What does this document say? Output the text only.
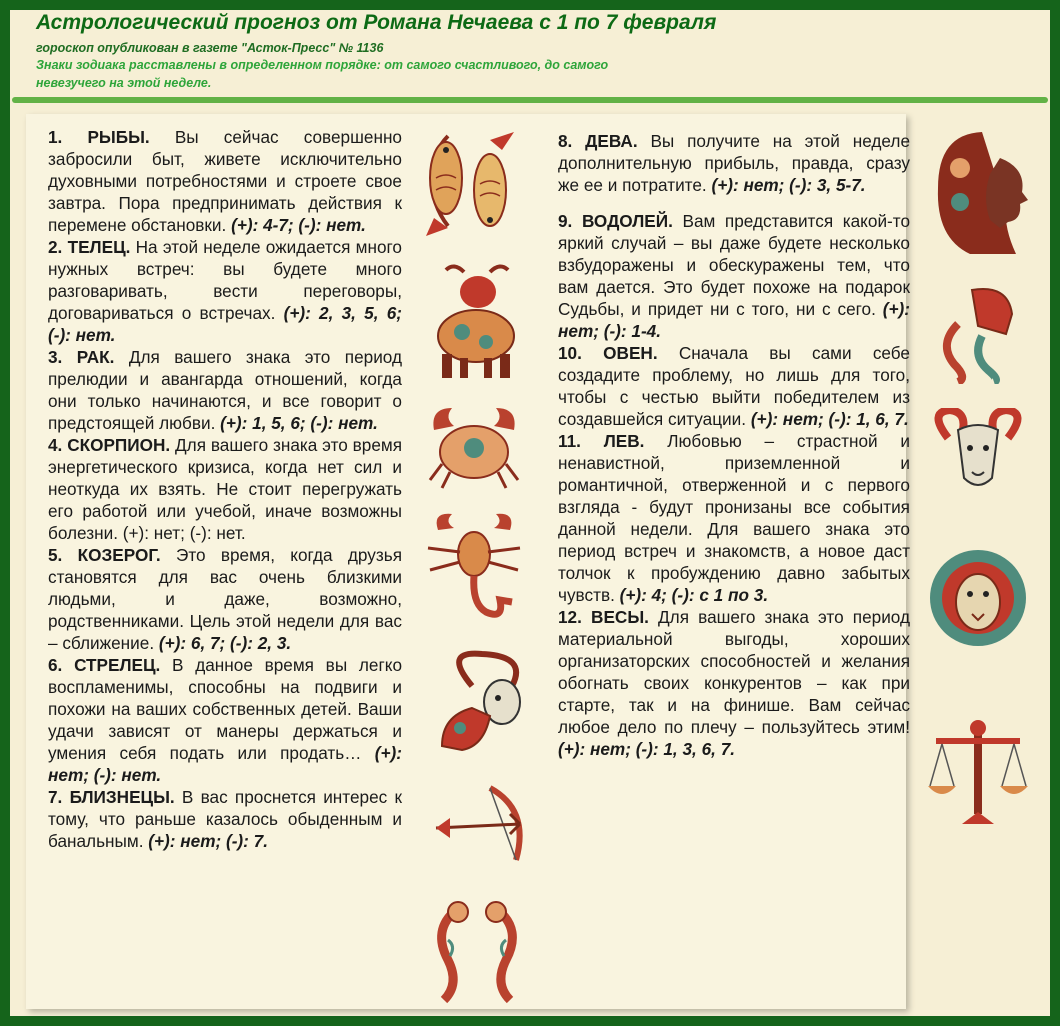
Астрологический прогноз от Романа Нечаева с 1 по 7 февраля
гороскоп опубликован в газете "Асток-Пресс" № 1136
Знаки зодиака расставлены в определенном порядке: от самого счастливого, до самого невезучего на этой неделе.

1. РЫБЫ. Вы сейчас совершенно забросили быт, живете исключительно духовными потребностями и строете свое завтра. Пора предпринимать действия к перемене обстановки. (+): 4-7; (-): нет.

2. ТЕЛЕЦ. На этой неделе ожидается много нужных встреч: вы будете много разговаривать, вести переговоры, договариваться о встречах. (+): 2, 3, 5, 6; (-): нет.

3. РАК. Для вашего знака это период прелюдии и авангарда отношений, когда они только начинаются, и все говорит о предстоящей любви. (+): 1, 5, 6; (-): нет.

4. СКОРПИОН. Для вашего знака это время энергетического кризиса, когда нет сил и неоткуда их взять. Не стоит перегружать его работой или учебой, иначе возможны болезни. (+): нет; (-): нет.

5. КОЗЕРОГ. Это время, когда друзья становятся для вас очень близкими людьми, и даже, возможно, родственниками. Цель этой недели для вас – сближение. (+): 6, 7; (-): 2, 3.

6. СТРЕЛЕЦ. В данное время вы легко воспламенимы, способны на подвиги и похожи на ваших собственных детей. Ваши удачи зависят от манеры держаться и умения себя подать или продать… (+): нет; (-): нет.

7. БЛИЗНЕЦЫ. В вас проснется интерес к тому, что раньше казалось обыденным и банальным. (+): нет; (-): 7.

8. ДЕВА. Вы получите на этой неделе дополнительную прибыль, правда, сразу же ее и потратите. (+): нет; (-): 3, 5-7.

9. ВОДОЛЕЙ. Вам представится какой-то яркий случай – вы даже будете несколько взбудоражены и обескуражены тем, что вам дается. Это будет похоже на подарок Судьбы, и придет ни с того, ни с сего. (+): нет; (-): 1-4.

10. ОВЕН. Сначала вы сами себе создадите проблему, но лишь для того, чтобы с честью выйти победителем из создавшейся ситуации. (+): нет; (-): 1, 6, 7.

11. ЛЕВ. Любовью – страстной и ненавистной, приземленной и романтичной, отверженной и с первого взгляда - будут пронизаны все события данной недели. Для вашего знака это период встреч и знакомств, а новое даст толчок к пробуждению давно забытых чувств. (+): 4; (-): с 1 по 3.

12. ВЕСЫ. Для вашего знака это период материальной выгоды, хороших организаторских способностей и желания обогнать своих конкурентов – как при старте, так и на финише. Вам сейчас любое дело по плечу – пользуйтесь этим! (+): нет; (-): 1, 3, 6, 7.
